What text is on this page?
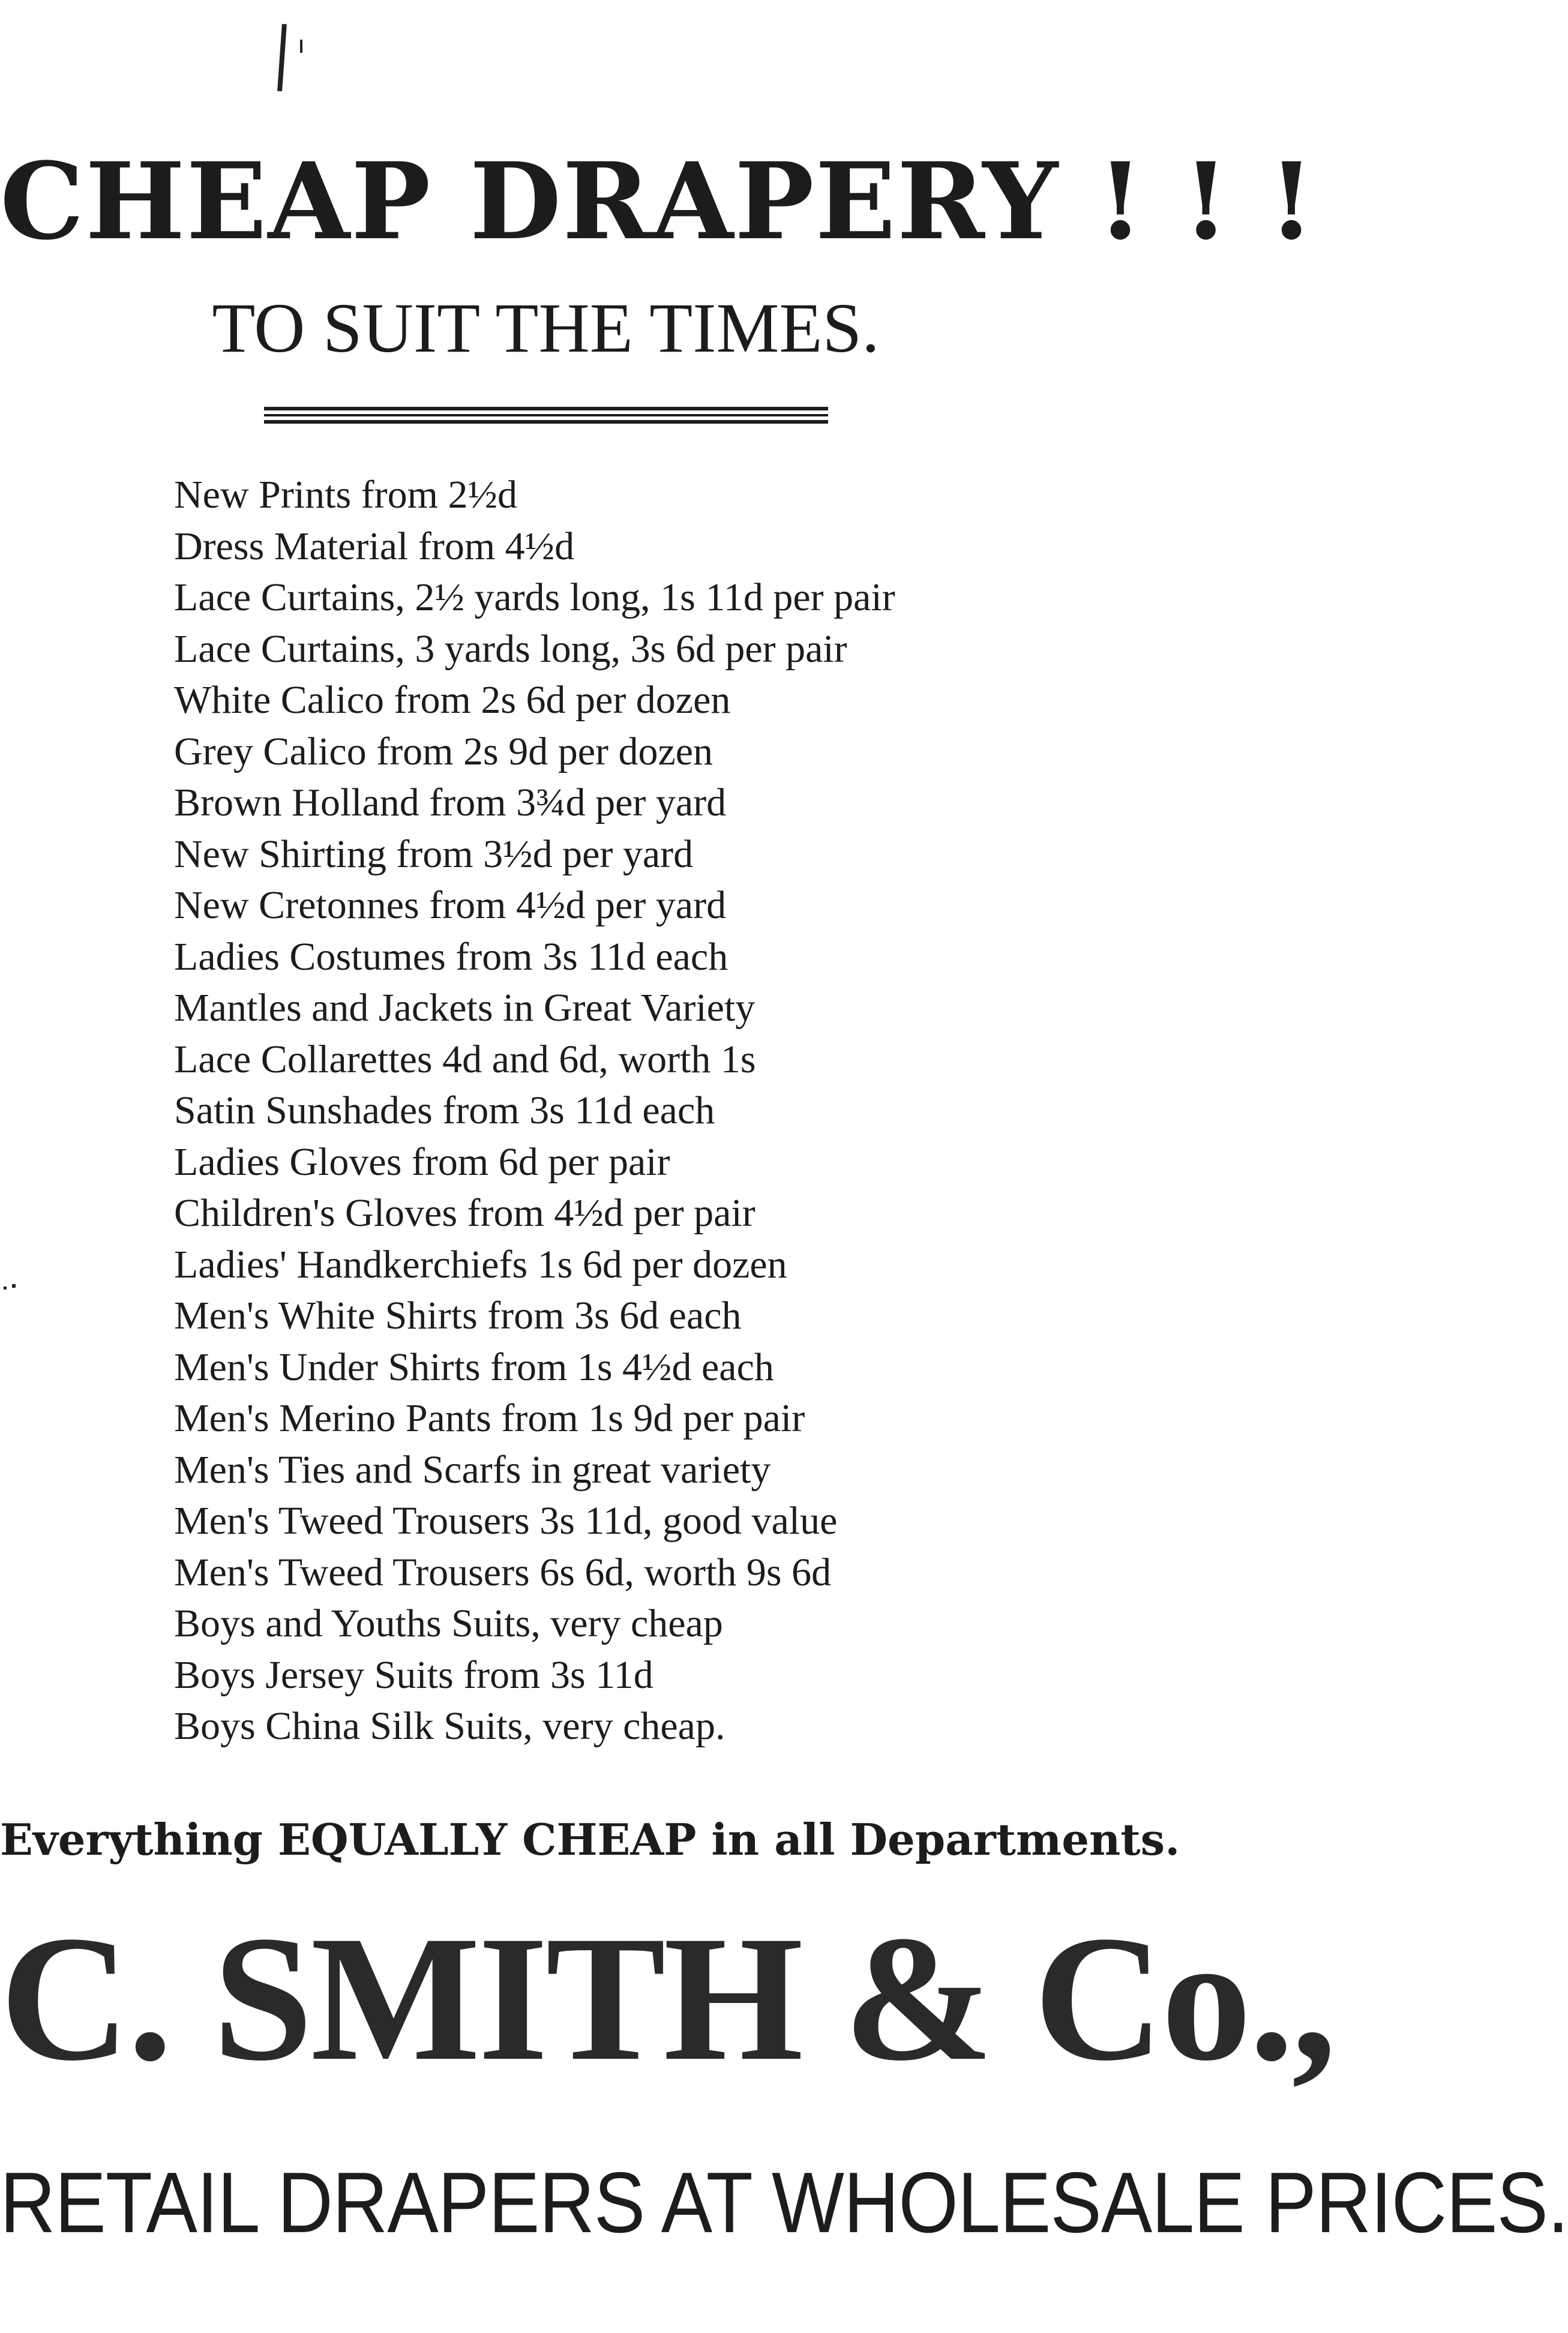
CHEAP DRAPERY ! ! !
TO SUIT THE TIMES.
New Prints from 2½d
Dress Material from 4½d
Lace Curtains, 2½ yards long, 1s 11d per pair
Lace Curtains, 3 yards long, 3s 6d per pair
White Calico from 2s 6d per dozen
Grey Calico from 2s 9d per dozen
Brown Holland from 3¾d per yard
New Shirting from 3½d per yard
New Cretonnes from 4½d per yard
Ladies Costumes from 3s 11d each
Mantles and Jackets in Great Variety
Lace Collarettes 4d and 6d, worth 1s
Satin Sunshades from 3s 11d each
Ladies Gloves from 6d per pair
Children's Gloves from 4½d per pair
Ladies' Handkerchiefs 1s 6d per dozen
Men's White Shirts from 3s 6d each
Men's Under Shirts from 1s 4½d each
Men's Merino Pants from 1s 9d per pair
Men's Ties and Scarfs in great variety
Men's Tweed Trousers 3s 11d, good value
Men's Tweed Trousers 6s 6d, worth 9s 6d
Boys and Youths Suits, very cheap
Boys Jersey Suits from 3s 11d
Boys China Silk Suits, very cheap.
Everything EQUALLY CHEAP in all Departments.
C. SMITH & Co.,
RETAIL DRAPERS AT WHOLESALE PRICES.
